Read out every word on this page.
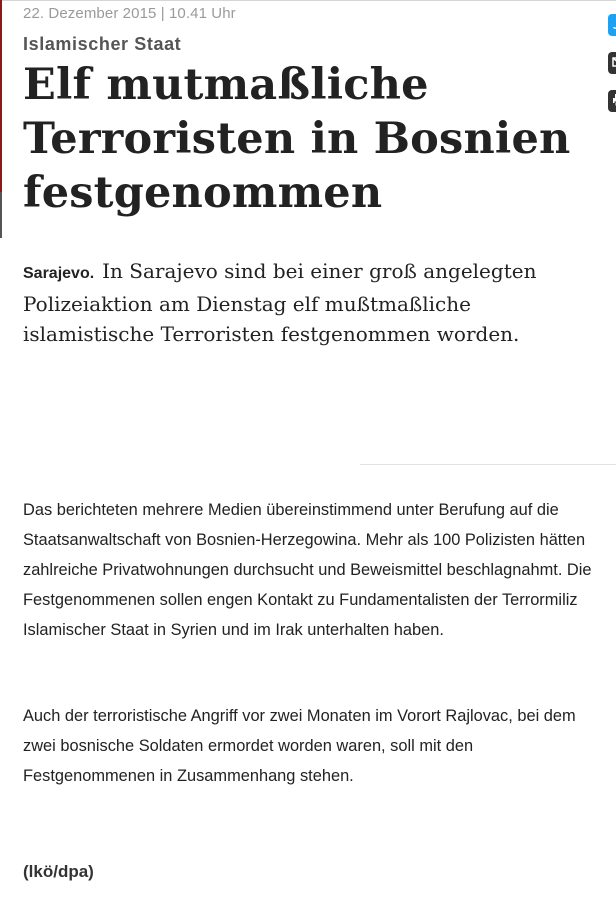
22. Dezember 2015 | 10.41 Uhr
Islamischer Staat
Elf mutmaßliche Terroristen in Bosnien festgenommen

Sarajevo. In Sarajevo sind bei einer groß angelegten Polizeiaktion am Dienstag elf mußtmaßliche islamistische Terroristen festgenommen worden.

Das berichteten mehrere Medien übereinstimmend unter Berufung auf die Staatsanwaltschaft von Bosnien-Herzegowina. Mehr als 100 Polizisten hätten zahlreiche Privatwohnungen durchsucht und Beweismittel beschlagnahmt. Die Festgenommenen sollen engen Kontakt zu Fundamentalisten der Terrormiliz Islamischer Staat in Syrien und im Irak unterhalten haben.

Auch der terroristische Angriff vor zwei Monaten im Vorort Rajlovac, bei dem zwei bosnische Soldaten ermordet worden waren, soll mit den Festgenommenen in Zusammenhang stehen.

(lkö/dpa)
